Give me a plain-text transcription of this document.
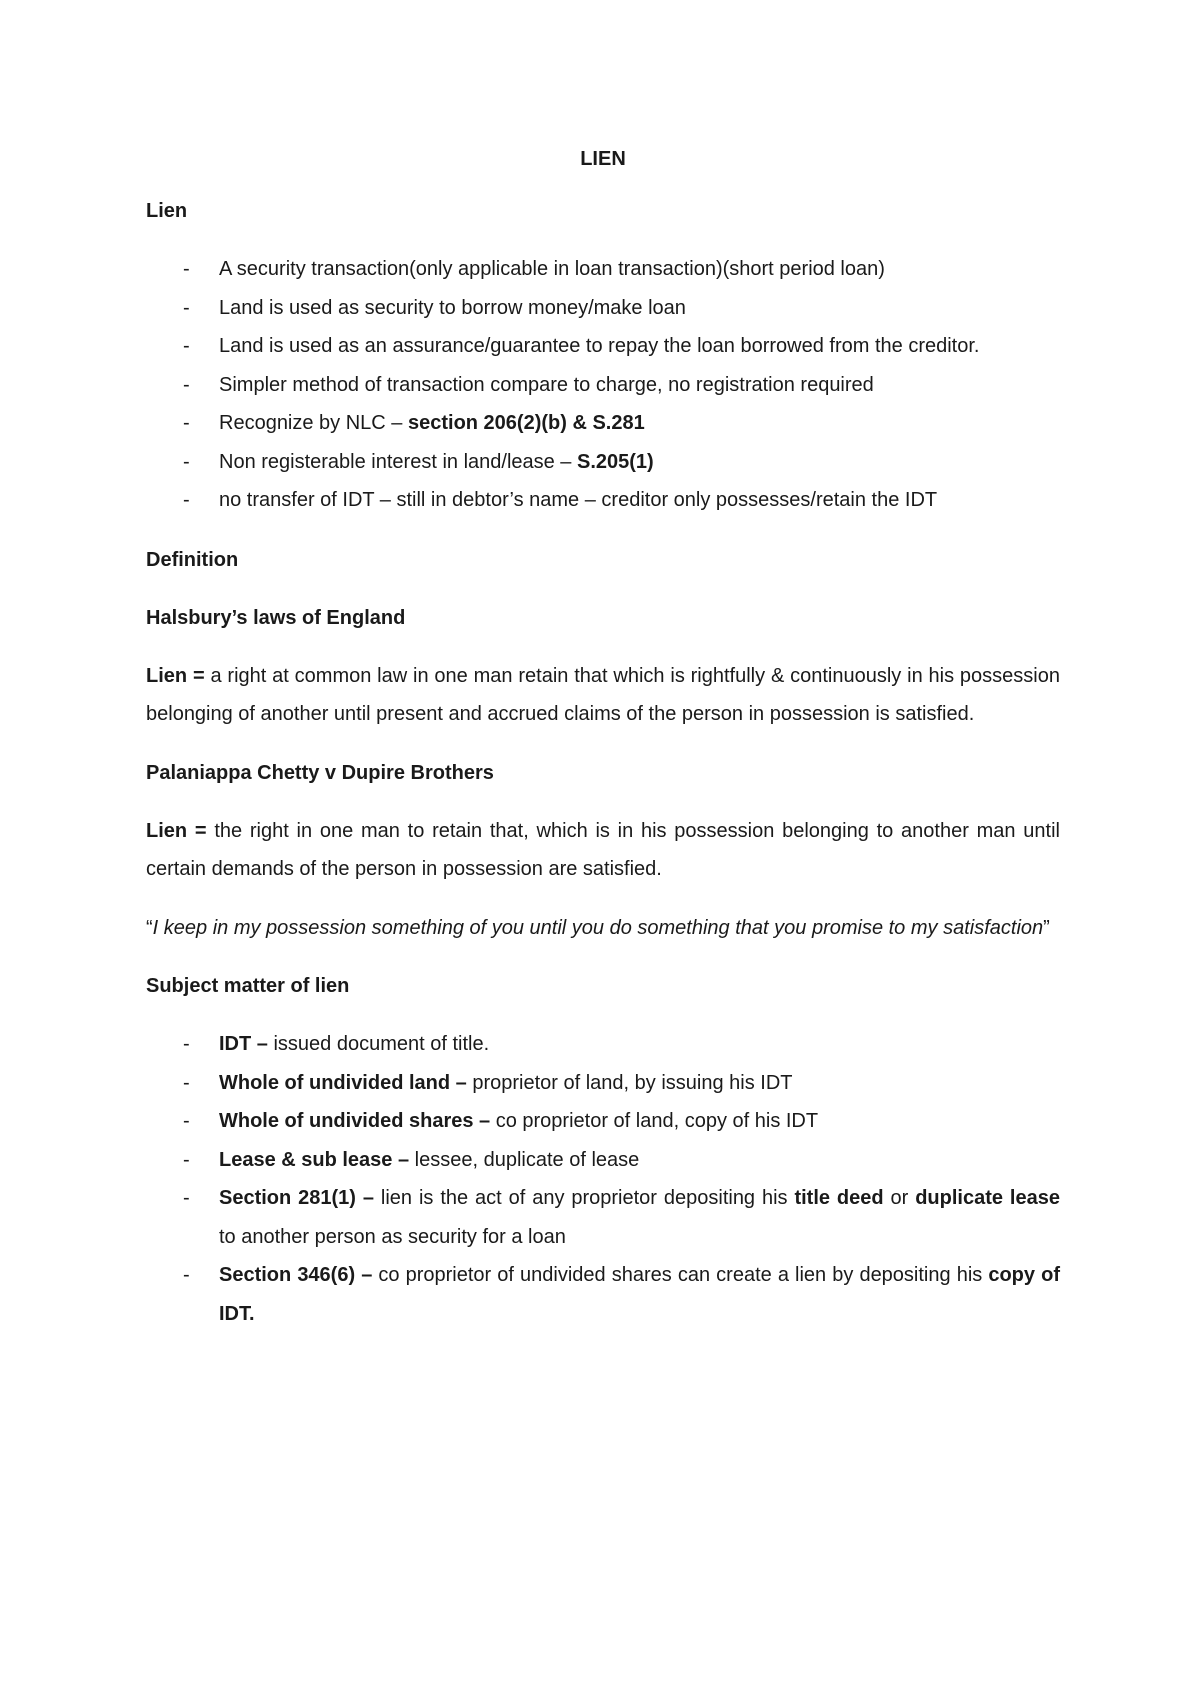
LIEN
Lien
- A security transaction(only applicable in loan transaction)(short period loan)
- Land is used as security to borrow money/make loan
- Land is used as an assurance/guarantee to repay the loan borrowed from the creditor.
- Simpler method of transaction compare to charge, no registration required
- Recognize by NLC – section 206(2)(b) & S.281
- Non registerable interest in land/lease – S.205(1)
- no transfer of IDT – still in debtor’s name – creditor only possesses/retain the IDT
Definition
Halsbury’s laws of England
Lien = a right at common law in one man retain that which is rightfully & continuously in his possession belonging of another until present and accrued claims of the person in possession is satisfied.
Palaniappa Chetty v Dupire Brothers
Lien = the right in one man to retain that, which is in his possession belonging to another man until certain demands of the person in possession are satisfied.
“I keep in my possession something of you until you do something that you promise to my satisfaction”
Subject matter of lien
- IDT – issued document of title.
- Whole of undivided land – proprietor of land, by issuing his IDT
- Whole of undivided shares – co proprietor of land, copy of his IDT
- Lease & sub lease – lessee, duplicate of lease
- Section 281(1) – lien is the act of any proprietor depositing his title deed or duplicate lease to another person as security for a loan
- Section 346(6) – co proprietor of undivided shares can create a lien by depositing his copy of IDT.
